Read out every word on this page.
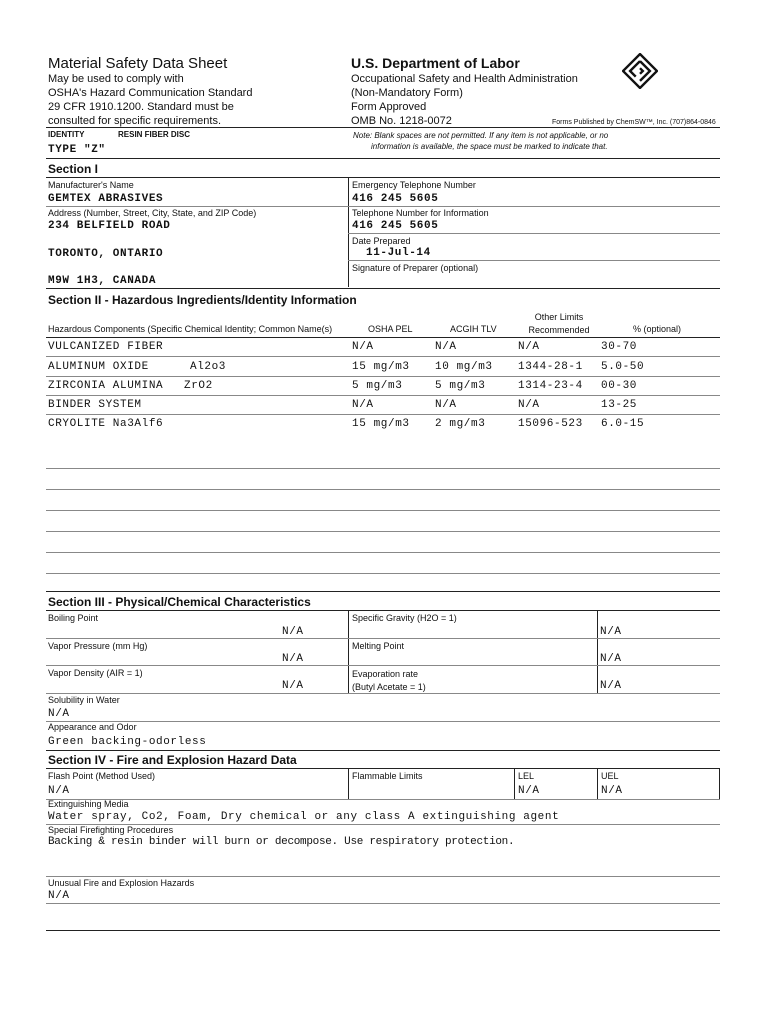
Material Safety Data Sheet	U.S. Department of Labor
May be used to comply with
OSHA's Hazard Communication Standard
29 CFR 1910.1200. Standard must be
consulted for specific requirements.
Occupational Safety and Health Administration
(Non-Mandatory Form)
Form Approved
OMB No. 1218-0072	Forms Published by ChemSW™, Inc. (707)864-0846
IDENTITY	RESIN FIBER DISC
TYPE "Z"
Note: Blank spaces are not permitted. If any item is not applicable, or no
information is available, the space must be marked to indicate that.
Section I
Manufacturer's Name
GEMTEX ABRASIVES
Address (Number, Street, City, State, and ZIP Code)
234 BELFIELD ROAD
TORONTO, ONTARIO
M9W 1H3, CANADA
Emergency Telephone Number
416 245 5605
Telephone Number for Information
416 245 5605
Date Prepared
11-Jul-14
Signature of Preparer (optional)
Section II - Hazardous Ingredients/Identity Information
Hazardous Components (Specific Chemical Identity; Common Name(s)	OSHA PEL	ACGIH TLV
Other Limits
Recommended	% (optional)
VULCANIZED FIBER	N/A	N/A	N/A	30-70
ALUMINUM OXIDE	Al2o3	15 mg/m3 10 mg/m3 1344-28-1 5.0-50
ZIRCONIA ALUMINA ZrO2	5 mg/m3	5 mg/m3	1314-23-4 00-30
BINDER SYSTEM	N/A	N/A	N/A	13-25
CRYOLITE Na3Alf6	15 mg/m3 2 mg/m3	15096-523 6.0-15
Section III - Physical/Chemical Characteristics
Boiling Point
N/A
Specific Gravity (H2O = 1)
N/A
Vapor Pressure (mm Hg)
N/A
Melting Point
N/A
Vapor Density (AIR = 1)
N/A
Evaporation rate
(Butyl Acetate = 1)	N/A
Solubility in Water
N/A
Appearance and Odor
Green backing-odorless
Section IV - Fire and Explosion Hazard Data
Flash Point (Method Used)
N/A
Flammable Limits	LEL
N/A
UEL
N/A
Extinguishing Media
Water spray, Co2, Foam, Dry chemical or any class A extinguishing agent
Special Firefighting Procedures
Backing & resin binder will burn or decompose. Use respiratory protection.
Unusual Fire and Explosion Hazards
N/A
